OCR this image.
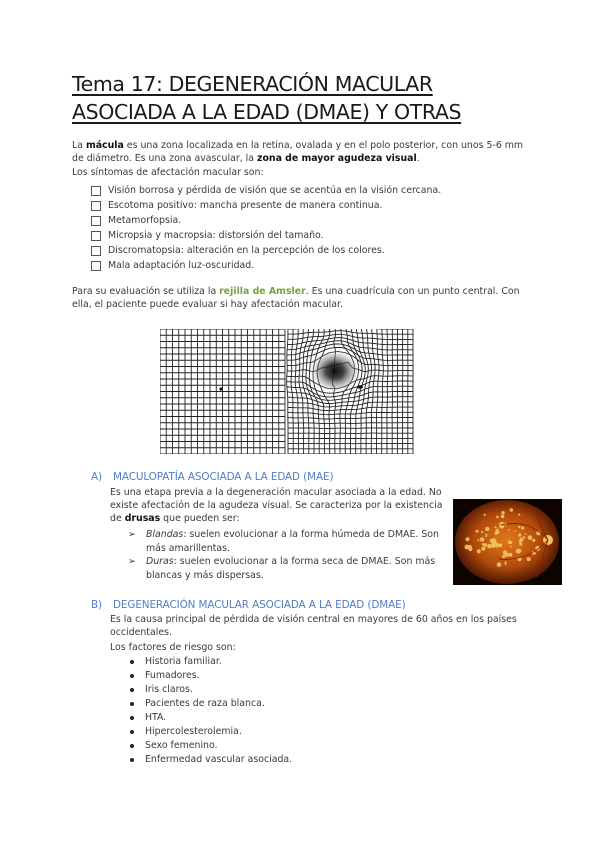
Tema 17: DEGENERACIÓN MACULAR ASOCIADA A LA EDAD (DMAE) Y OTRAS

La mácula es una zona localizada en la retina, ovalada y en el polo posterior, con unos 5-6 mm de diámetro. Es una zona avascular, la zona de mayor agudeza visual.

Los síntomas de afectación macular son:

Visión borrosa y pérdida de visión que se acentúa en la visión cercana.
Escotoma positivo: mancha presente de manera continua.
Metamorfopsia.
Micropsia y macropsia: distorsión del tamaño.
Discromatopsia: alteración en la percepción de los colores.
Mala adaptación luz-oscuridad.

Para su evaluación se utiliza la rejilla de Amsler. Es una cuadrícula con un punto central. Con ella, el paciente puede evaluar si hay afectación macular.

A) MACULOPATÍA ASOCIADA A LA EDAD (MAE)

Es una etapa previa a la degeneración macular asociada a la edad. No existe afectación de la agudeza visual. Se caracteriza por la existencia de drusas que pueden ser:

➢ Blandas: suelen evolucionar a la forma húmeda de DMAE. Son más amarillentas.
➢ Duras: suelen evolucionar a la forma seca de DMAE. Son más blancas y más dispersas.

B) DEGENERACIÓN MACULAR ASOCIADA A LA EDAD (DMAE)

Es la causa principal de pérdida de visión central en mayores de 60 años en los países occidentales.

Los factores de riesgo son:

Historia familiar.
Fumadores.
Iris claros.
Pacientes de raza blanca.
HTA.
Hipercolesterolemia.
Sexo femenino.
Enfermedad vascular asociada.
